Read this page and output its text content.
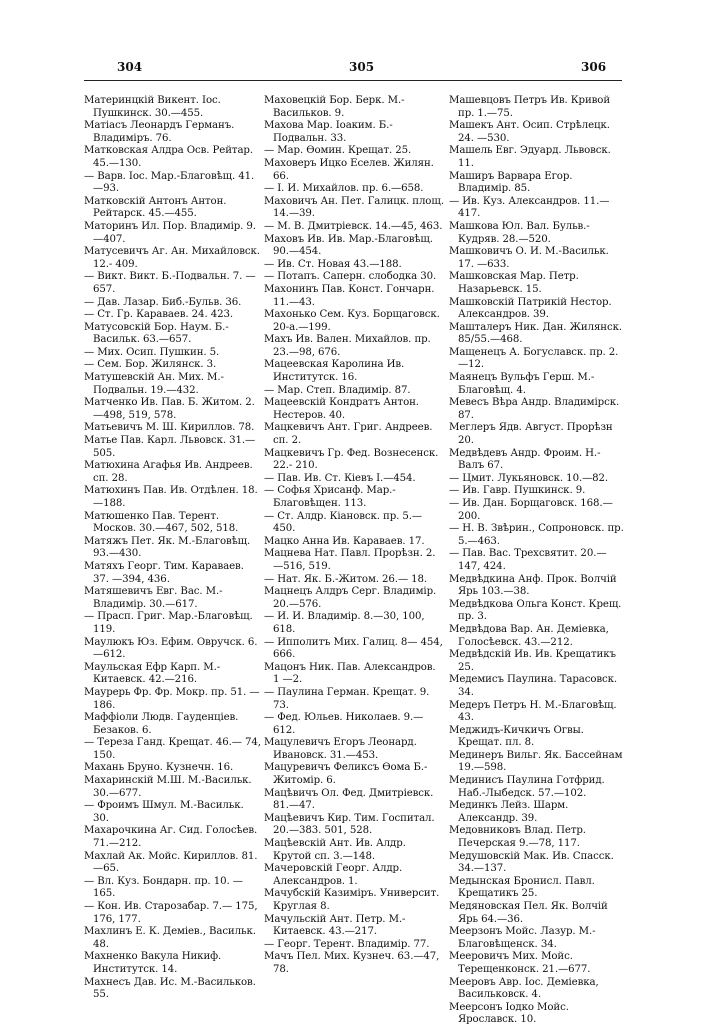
304	305	306

Материнцкій Викент. Іос. Пушкинск. 30.—455.

Матіасъ Леонардъ Германъ. Владиміръ. 76.

Матковская Алдра Осв. Рейтар. 45.—130.

— Варв. Іос. Мар.-Благовѣщ. 41.—93.

Матковскій Антонъ Антон. Рейтарск. 45.—455.

Маторинъ Ил. Пор. Владимір. 9. —407.

Матусевичъ Аг. Ан. Михайловск. 12.- 409.

— Викт. Викт. Б.-Подвальн. 7. —657.

— Дав. Лазар. Биб.-Бульв. 36.

— Ст. Гр. Караваев. 24. 423.

Матусовскій Бор. Наум. Б.-Васильк. 63.—657.

— Мих. Осип. Пушкин. 5.

— Сем. Бор. Жилянск. 3.

Матушевскій Ан. Мих. М.-Подвальн. 19.—432.

Матченко Ив. Пав. Б. Житом. 2. —498, 519, 578.

Матьевичъ М. Ш. Кириллов. 78.

Матье Пав. Карл. Львовск. 31.— 505.

Матюхина Агафья Ив. Андреев. сп. 28.

Матюхинъ Пав. Ив. Отдѣлен. 18. —188.

Матюшенко Пав. Терент. Москов. 30.—467, 502, 518.

Матяжъ Пет. Як. М.-Благовѣщ. 93.—430.

Матяхъ Георг. Тим. Караваев. 37. —394, 436.

Матяшевичъ Евг. Вас. М.-Владимір. 30.—617.

— Прасп. Григ. Мар.-Благовѣщ. 119.

Маулюкъ Юз. Ефим. Овручск. 6. —612.

Маульская Ефр Карп. М.-Китаевск. 42.—216.

Маурерь Фр. Фр. Мокр. пр. 51. —186.

Маффіоли Людв. Гауденціев. Безаков. 6.

— Тереза Ганд. Крещат. 46.— 74, 150.

Махань Бруно. Кузнечн. 16.

Махаринскій М.Ш. М.-Васильк. 30.—677.

— Фроимъ Шмул. М.-Васильк. 30.

Махарочкина Аг. Сид. Голосѣев. 71.—212.

Махлай Ак. Мойс. Кириллов. 81. —65.

— Вл. Куз. Бондарн. пр. 10. —165.

— Кон. Ив. Старозабар. 7.— 175, 176, 177.

Махлинъ Е. К. Деміев., Васильк. 48.

Махненко Вакула Никиф. Институтск. 14.

Махнесъ Дав. Ис. М.-Васильков. 55.

Маховецкій Бор. Берк. М.-Васильков. 9.

Махова Мар. Іоаким. Б.-Подвальн. 33.

— Мар. Ѳомин. Крещат. 25.

Маховеръ Ицко Еселев. Жилян. 66.

— І. И. Михайлов. пр. 6.—658.

Маховичъ Ан. Пет. Галицк. площ. 14.—39.

— М. В. Дмитріевск. 14.—45, 463.

Маховъ Ив. Ив. Мар.-Благовѣщ. 90.—454.

— Ив. Ст. Новая 43.—188.

— Потапъ. Саперн. слободка 30.

Махонинъ Пав. Конст. Гончарн. 11.—43.

Махонько Сем. Куз. Борщаговск. 20-а.—199.

Махъ Ив. Вален. Михайлов. пр. 23.—98, 676.

Мацеевская Каролина Ив. Институтск. 16.

— Мар. Степ. Владимір. 87.

Мацеевскій Кондратъ Антон. Нестеров. 40.

Мацкевичъ Ант. Григ. Андреев. сп. 2.

Мацкевичъ Гр. Фед. Вознесенск. 22.- 210.

— Пав. Ив. Ст. Кіевъ І.—454.

— Софья Хрисанф. Мар.-Благовѣщен. 113.

— Ст. Алдр. Кіановск. пр. 5.— 450.

Мацко Анна Ив. Караваев. 17.

Мацнева Нат. Павл. Прорѣзн. 2. —516, 519.

— Нат. Як. Б.-Житом. 26.— 18.

Мацнецъ Алдръ Серг. Владимір. 20.—576.

— И. И. Владимір. 8.—30, 100, 618.

— Ипполитъ Мих. Галиц. 8— 454, 666.

Мацонъ Ник. Пав. Александров. 1 —2.

— Паулина Герман. Крещат. 9. 73.

— Фед. Юльев. Николаев. 9.— 612.

Мацулевичъ Егоръ Леонард. Ивановск. 31.—453.

Мацуревичъ Феликсъ Ѳома Б.-Житомір. 6.

Мацѣвичъ Ол. Фед. Дмитріевск. 81.—47.

Мацѣевичъ Кир. Тим. Госпитал. 20.—383. 501, 528.

Мацѣевскій Ант. Ив. Алдр. Крутой сп. 3.—148.

Мачеровскій Георг. Алдр. Александров. 1.

Мачубскій Казиміръ. Университ. Круглая 8.

Мачульскій Ант. Петр. М.-Китаевск. 43.—217.

— Георг. Терент. Владимір. 77.

Мачъ Пел. Мих. Кузнеч. 63.—47, 78.

Машевцовъ Петръ Ив. Кривой пр. 1.—75.

Машекъ Ант. Осип. Стрѣлецк. 24. —530.

Машель Евг. Эдуард. Львовск. 11.

Маширъ Варвара Егор. Владимір. 85.

— Ив. Куз. Александров. 11.— 417.

Машкова Юл. Вал. Бульв.-Кудряв. 28.—520.

Машковичъ О. И. М.-Васильк. 17. —633.

Машковская Мар. Петр. Назарьевск. 15.

Машковскій Патрикій Нестор. Александров. 39.

Машталеръ Ник. Дан. Жилянск. 85/55.—468.

Мащенецъ А. Богуславск. пр. 2. —12.

Маянецъ Вульфъ Герш. М.-Благовѣщ. 4.

Мевесъ Вѣра Андр. Владимірск. 87.

Меглеръ Ядв. Август. Прорѣзн 20.

Медвѣдевъ Андр. Фроим. Н.-Валъ 67.

— Цмит. Лукьяновск. 10.—82.

— Ив. Гавр. Пушкинск. 9.

— Ив. Дан. Борщаговск. 168.— 200.

— Н. В. Звѣрин., Сопроновск. пр. 5.—463.

— Пав. Вас. Трехсвятит. 20.— 147, 424.

Медвѣдкина Анф. Прок. Волчій Ярь 103.—38.

Медвѣдкова Ольга Конст. Крещ. пр. 3.

Медвѣдова Вар. Ан. Деміевка, Голосѣевск. 43.—212.

Медвѣдскій Ив. Ив. Крещатикъ 25.

Медемисъ Паулина. Тарасовск. 34.

Медеръ Петръ Н. М.-Благовѣщ. 43.

Меджидъ-Кичкичъ Огвы. Крещат. пл. 8.

Мединеръ Вильг. Як. Бассейнам 19.—598.

Мединисъ Паулина Готфрид. Наб.-Лыбедск. 57.—102.

Мединкъ Лейз. Шарм. Александр. 39.

Медовниковъ Влад. Петр. Печерская 9.—78, 117.

Медушовскій Мак. Ив. Спасск. 34.—137.

Медынская Бронисл. Павл. Крещатикъ 25.

Медяновская Пел. Як. Волчій Ярь 64.—36.

Меерзонъ Мойс. Лазур. М.-Благовѣщенск. 34.

Мееровичъ Мих. Мойс. Терещенконск. 21.—677.

Мееровъ Авр. Іос. Деміевка, Васильковск. 4.

Меерсонъ Іодко Мойс. Ярославск. 10.
